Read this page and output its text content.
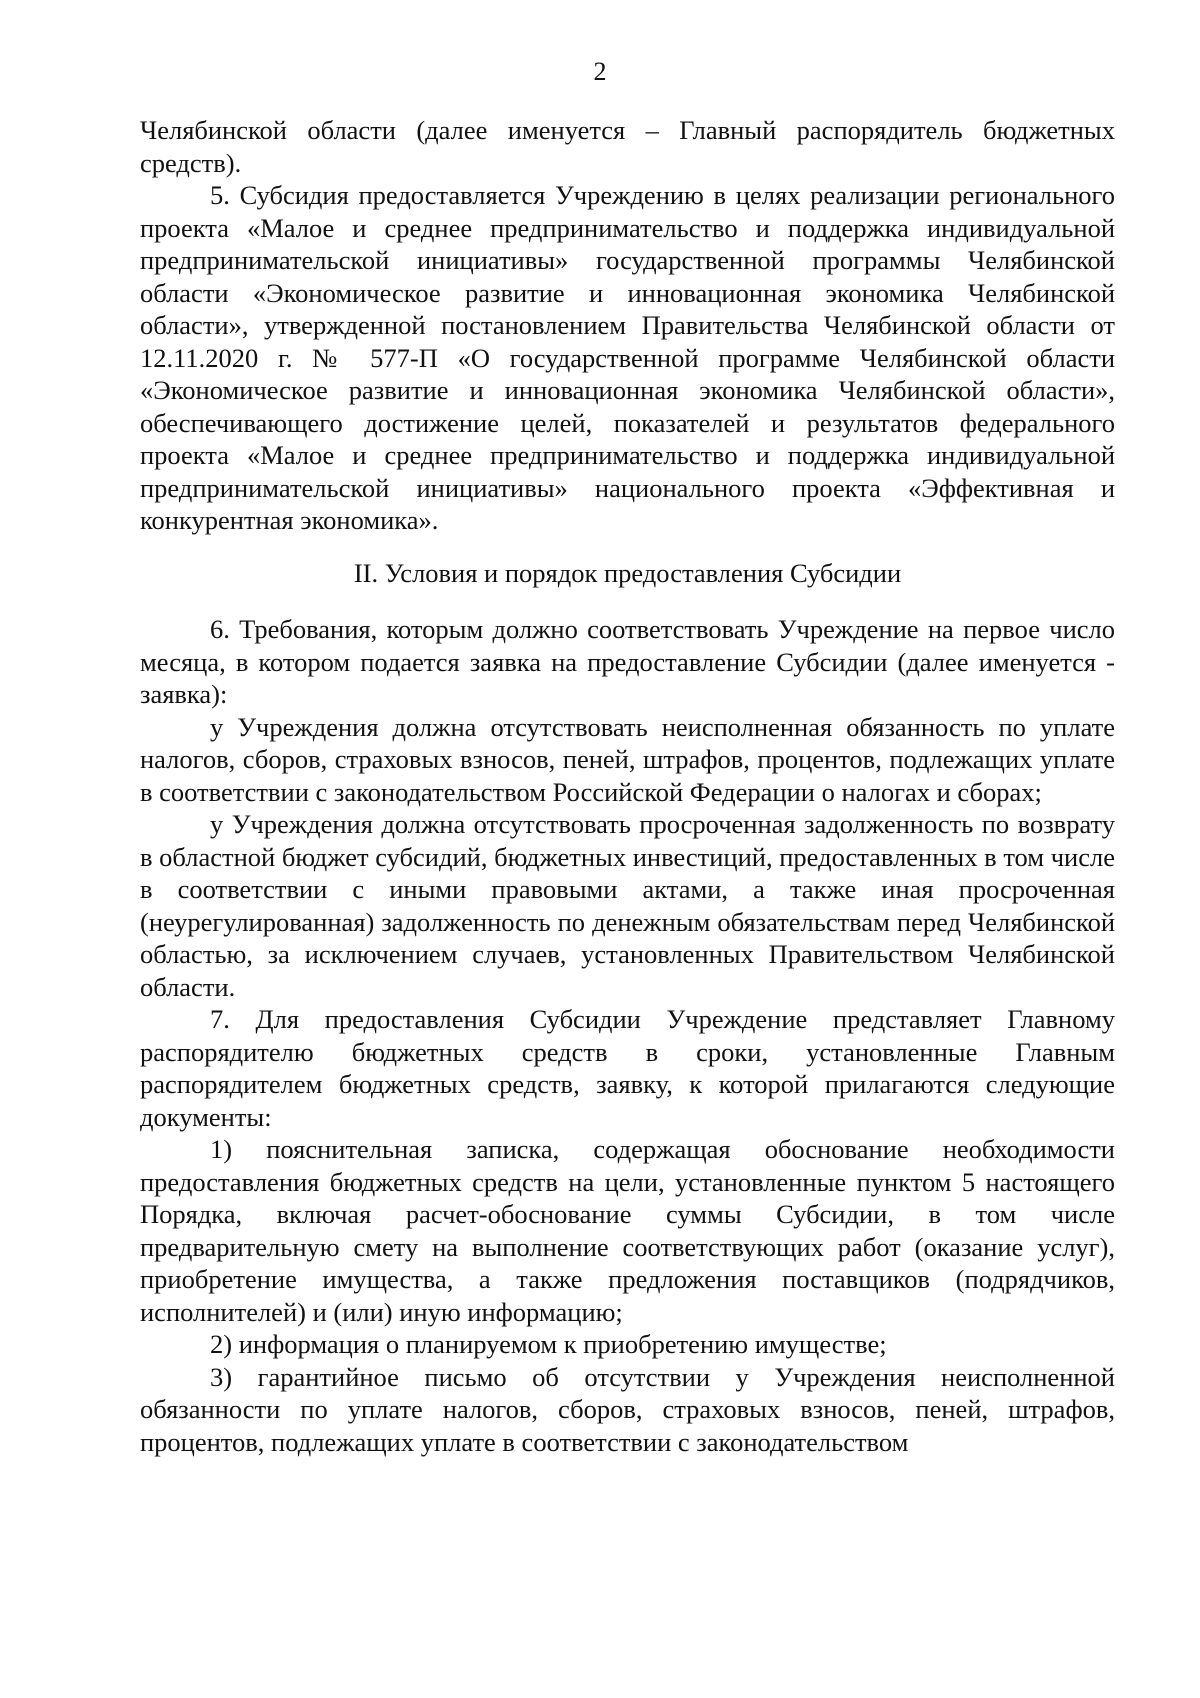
2

Челябинской области (далее именуется – Главный распорядитель бюджетных средств).

5. Субсидия предоставляется Учреждению в целях реализации регионального проекта «Малое и среднее предпринимательство и поддержка индивидуальной предпринимательской инициативы» государственной программы Челябинской области «Экономическое развитие и инновационная экономика Челябинской области», утвержденной постановлением Правительства Челябинской области от 12.11.2020 г. № 577-П «О государственной программе Челябинской области «Экономическое развитие и инновационная экономика Челябинской области», обеспечивающего достижение целей, показателей и результатов федерального проекта «Малое и среднее предпринимательство и поддержка индивидуальной предпринимательской инициативы» национального проекта «Эффективная и конкурентная экономика».

II. Условия и порядок предоставления Субсидии

6. Требования, которым должно соответствовать Учреждение на первое число месяца, в котором подается заявка на предоставление Субсидии (далее именуется - заявка):

у Учреждения должна отсутствовать неисполненная обязанность по уплате налогов, сборов, страховых взносов, пеней, штрафов, процентов, подлежащих уплате в соответствии с законодательством Российской Федерации о налогах и сборах;

у Учреждения должна отсутствовать просроченная задолженность по возврату в областной бюджет субсидий, бюджетных инвестиций, предоставленных в том числе в соответствии с иными правовыми актами, а также иная просроченная (неурегулированная) задолженность по денежным обязательствам перед Челябинской областью, за исключением случаев, установленных Правительством Челябинской области.

7. Для предоставления Субсидии Учреждение представляет Главному распорядителю бюджетных средств в сроки, установленные Главным распорядителем бюджетных средств, заявку, к которой прилагаются следующие документы:

1) пояснительная записка, содержащая обоснование необходимости предоставления бюджетных средств на цели, установленные пунктом 5 настоящего Порядка, включая расчет-обоснование суммы Субсидии, в том числе предварительную смету на выполнение соответствующих работ (оказание услуг), приобретение имущества, а также предложения поставщиков (подрядчиков, исполнителей) и (или) иную информацию;

2) информация о планируемом к приобретению имуществе;

3) гарантийное письмо об отсутствии у Учреждения неисполненной обязанности по уплате налогов, сборов, страховых взносов, пеней, штрафов, процентов, подлежащих уплате в соответствии с законодательством
